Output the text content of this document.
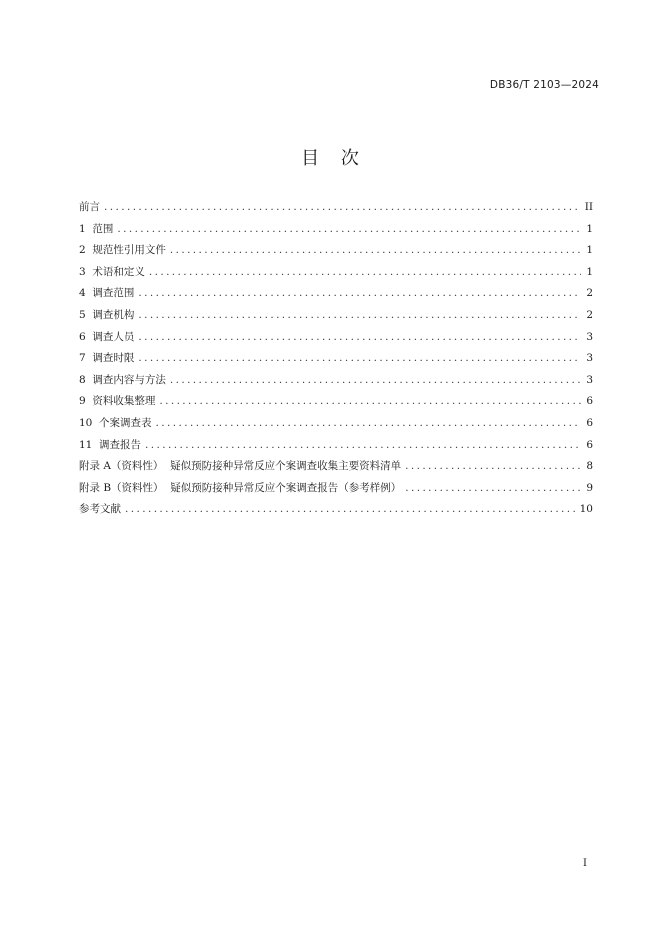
DB36/T 2103—2024
目 次
前言 .....	II
1  范围 .....	1
2  规范性引用文件 .....	1
3  术语和定义 .....	1
4  调查范围 .....	2
5  调查机构 .....	2
6  调查人员 .....	3
7  调查时限 .....	3
8  调查内容与方法 .....	3
9  资料收集整理 .....	6
10  个案调查表 .....	6
11  调查报告 .....	6
附录 A（资料性）  疑似预防接种异常反应个案调查收集主要资料清单 .....	8
附录 B（资料性）  疑似预防接种异常反应个案调查报告（参考样例） .....	9
参考文献 .....	10
I
